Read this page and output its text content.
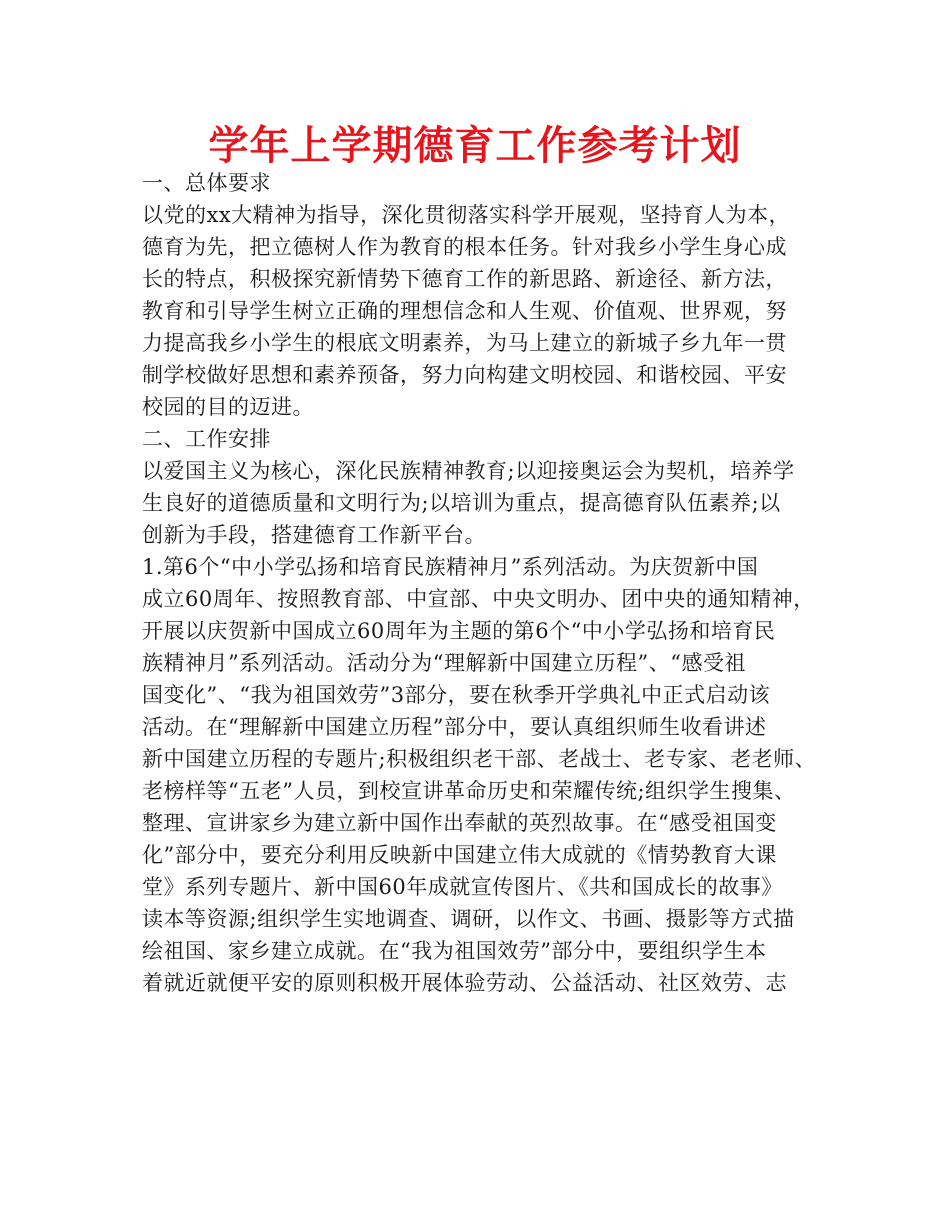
学年上学期德育工作参考计划
一、总体要求
以党的xx大精神为指导，深化贯彻落实科学开展观，坚持育人为本，
德育为先，把立德树人作为教育的根本任务。针对我乡小学生身心成
长的特点，积极探究新情势下德育工作的新思路、新途径、新方法，
教育和引导学生树立正确的理想信念和人生观、价值观、世界观，努
力提高我乡小学生的根底文明素养，为马上建立的新城子乡九年一贯
制学校做好思想和素养预备，努力向构建文明校园、和谐校园、平安
校园的目的迈进。
二、工作安排
以爱国主义为核心，深化民族精神教育;以迎接奥运会为契机，培养学
生良好的道德质量和文明行为;以培训为重点，提高德育队伍素养;以
创新为手段，搭建德育工作新平台。
1.第6个“中小学弘扬和培育民族精神月”系列活动。为庆贺新中国
成立60周年、按照教育部、中宣部、中央文明办、团中央的通知精神，
开展以庆贺新中国成立60周年为主题的第6个“中小学弘扬和培育民
族精神月”系列活动。活动分为“理解新中国建立历程”、“感受祖
国变化”、“我为祖国效劳”3部分，要在秋季开学典礼中正式启动该
活动。在“理解新中国建立历程”部分中，要认真组织师生收看讲述
新中国建立历程的专题片;积极组织老干部、老战士、老专家、老老师、
老榜样等“五老”人员，到校宣讲革命历史和荣耀传统;组织学生搜集、
整理、宣讲家乡为建立新中国作出奉献的英烈故事。在“感受祖国变
化”部分中，要充分利用反映新中国建立伟大成就的《情势教育大课
堂》系列专题片、新中国60年成就宣传图片、《共和国成长的故事》
读本等资源;组织学生实地调查、调研，以作文、书画、摄影等方式描
绘祖国、家乡建立成就。在“我为祖国效劳”部分中，要组织学生本
着就近就便平安的原则积极开展体验劳动、公益活动、社区效劳、志
